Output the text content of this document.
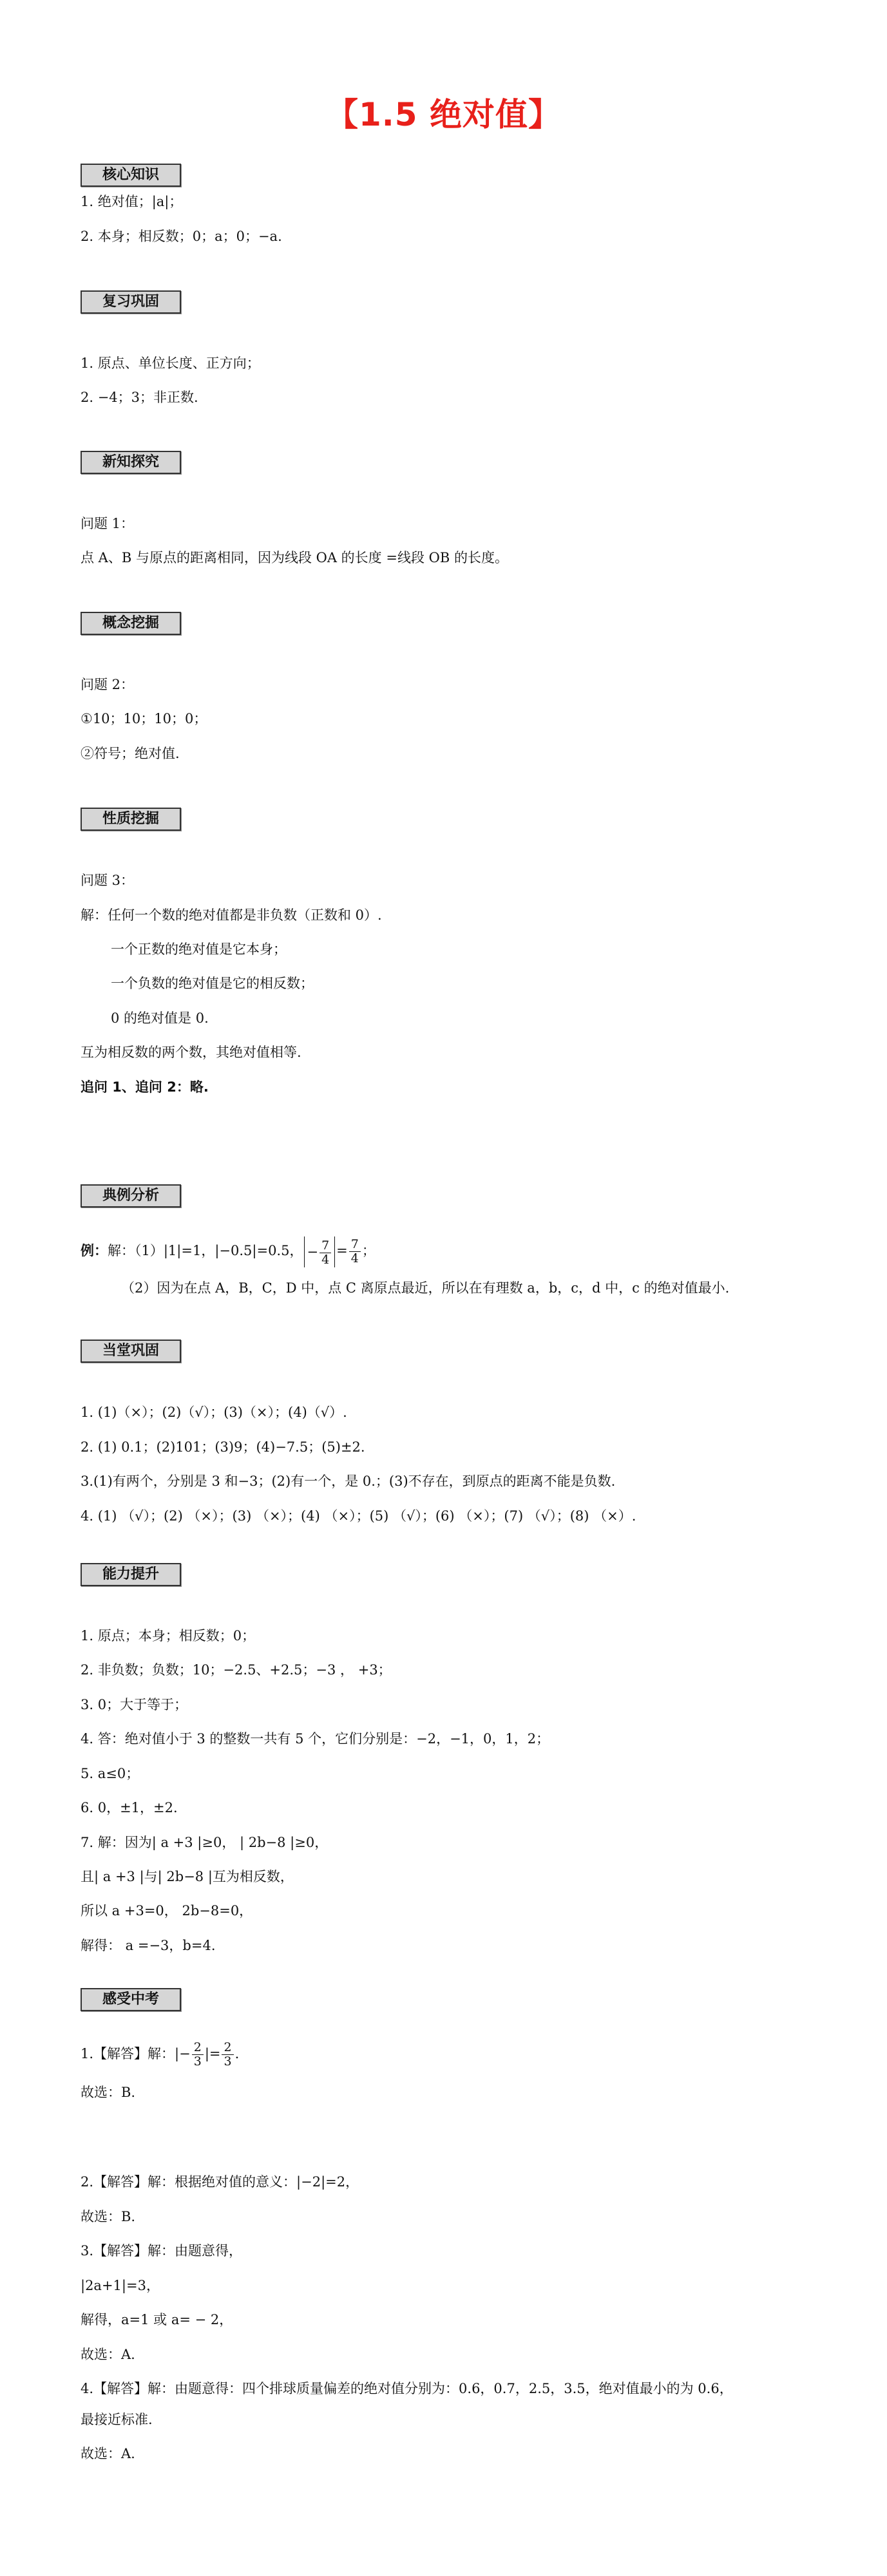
【1.5 绝对值】
核心知识
1. 绝对值；|a|；
2. 本身；相反数；0；a；0；−a.
复习巩固
1. 原点、单位长度、正方向；
2. −4；3；非正数.
新知探究
问题 1：
点 A、B 与原点的距离相同，因为线段 OA 的长度 =线段 OB 的长度。
概念挖掘
问题 2：
①10；10；10；0；
②符号；绝对值.
性质挖掘
问题 3：
解：任何一个数的绝对值都是非负数（正数和 0）.
一个正数的绝对值是它本身；
一个负数的绝对值是它的相反数；
0 的绝对值是 0.
互为相反数的两个数，其绝对值相等.
追问 1、追问 2：略.
典例分析
例：解：（1）|1|=1，|−0.5|=0.5， − $\frac{7}{4} = \frac{7}{4}$ ；
（2）因为在点 A，B，C，D 中，点 C 离原点最近，所以在有理数 a，b，c，d 中，c 的绝对值最小.
当堂巩固
1. (1)（×）；(2)（√）；(3)（×）；(4)（√）.
2. (1) 0.1；(2)101；(3)9；(4)−7.5；(5)±2.
3.(1)有两个，分别是 3 和−3；(2)有一个，是 0.；(3)不存在，到原点的距离不能是负数.
4. (1) （√）；(2) （×）；(3) （×）；(4) （×）；(5) （√）；(6) （×）；(7) （√）；(8) （×）.
能力提升
1. 原点；本身；相反数；0；
2. 非负数；负数；10；−2.5、+2.5；−3 ， +3；
3. 0；大于等于；
4. 答：绝对值小于 3 的整数一共有 5 个，它们分别是：−2，−1，0，1，2；
5. a≤0；
6. 0，±1，±2.
7. 解：因为| a +3 |≥0， | 2b−8 |≥0，
且| a +3 |与| 2b−8 |互为相反数，
所以 a +3=0， 2b−8=0，
解得： a =−3，b=4.
感受中考
1.【解答】解：|− $\frac{2}{3}$ |= $\frac{2}{3}$ .
故选：B.
2.【解答】解：根据绝对值的意义：|−2|=2，
故选：B.
3.【解答】解：由题意得，
|2a+1|=3，
解得，a=1 或 a= − 2，
故选：A.
4.【解答】解：由题意得：四个排球质量偏差的绝对值分别为：0.6，0.7，2.5，3.5，绝对值最小的为 0.6，
最接近标准.
故选：A.
